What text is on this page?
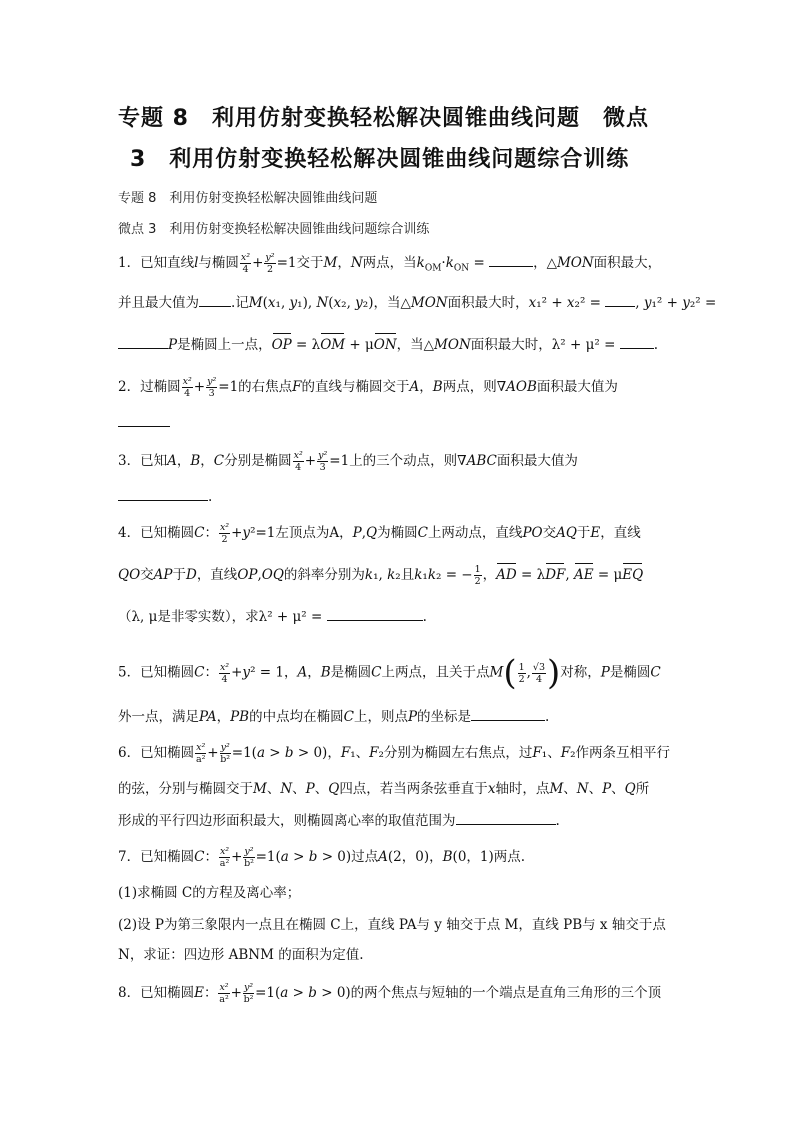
专题 8　利用仿射变换轻松解决圆锥曲线问题　微点
3　利用仿射变换轻松解决圆锥曲线问题综合训练
专题 8　利用仿射变换轻松解决圆锥曲线问题
微点 3　利用仿射变换轻松解决圆锥曲线问题综合训练
1．已知直线l与椭圆 $\frac{\text{x²}}{4} + \frac{\text{y²}}{2} =1$交于M，N两点，当$k_{OM}\cdot k_{ON}$ =	，△MON面积最大，
并且最大值为 .记M(x₁, y₁), N(x₂, y₂)，当△MON面积最大时，x₁² + x₂² = , y₁² + y₂² =
P是椭圆上一点，OP = λOM + μON，当△MON面积最大时，λ² + μ² =	.
2．过椭圆 $\frac{\text{x²}}{4} + \frac{\text{y²}}{3} =1$的右焦点F的直线与椭圆交于A，B两点，则∇AOB面积最大值为
3．已知A，B，C分别是椭圆 $\frac{\text{x²}}{4} + \frac{\text{y²}}{3} =1$上的三个动点，则∇ABC面积最大值为
.
4．已知椭圆C： $\frac{\text{x²}}{2} +y^2=1$左顶点为A，P,Q为椭圆C上两动点，直线PO交AQ于E，直线
QO交AP于D，直线OP,OQ的斜率分别为k₁, k₂且k₁k₂ = − $\frac{1}{2}$ ，AD = λDF, AE = μEQ
（λ, μ是非零实数），求λ² + μ² =	.
5．已知椭圆C： $\frac{\text{x²}}{4} +y^2 = 1$，A，B是椭圆C上两点，且关于点$M( \frac{1}{2}$ , $\frac{√3}{4}$ )对称，P是椭圆C
外一点，满足PA，PB的中点均在椭圆C上，则点P的坐标是	.
6．已知椭圆 $\frac{\text{x²}}{\text{a²}} + \frac{\text{y²}}{\text{b²}} =1(a > b > 0)$，F₁、F₂分别为椭圆左右焦点，过F₁、F₂作两条互相平行
的弦，分别与椭圆交于M、N、P、Q四点，若当两条弦垂直于x轴时，点M、N、P、Q所
形成的平行四边形面积最大，则椭圆离心率的取值范围为	.
7．已知椭圆C： $\frac{\text{x²}}{\text{a²}} + \frac{\text{y²}}{\text{b²}} =1(a > b > 0)$过点A(2，0)，B(0，1)两点.
(1)求椭圆 C的方程及离心率；
(2)设 P为第三象限内一点且在椭圆 C上，直线 PA与 y 轴交于点 M，直线 PB与 x 轴交于点
N，求证：四边形 ABNM 的面积为定值.
8．已知椭圆E： $\frac{\text{x²}}{\text{a²}} + \frac{\text{y²}}{\text{b²}} =1(a > b > 0)$的两个焦点与短轴的一个端点是直角三角形的三个顶
